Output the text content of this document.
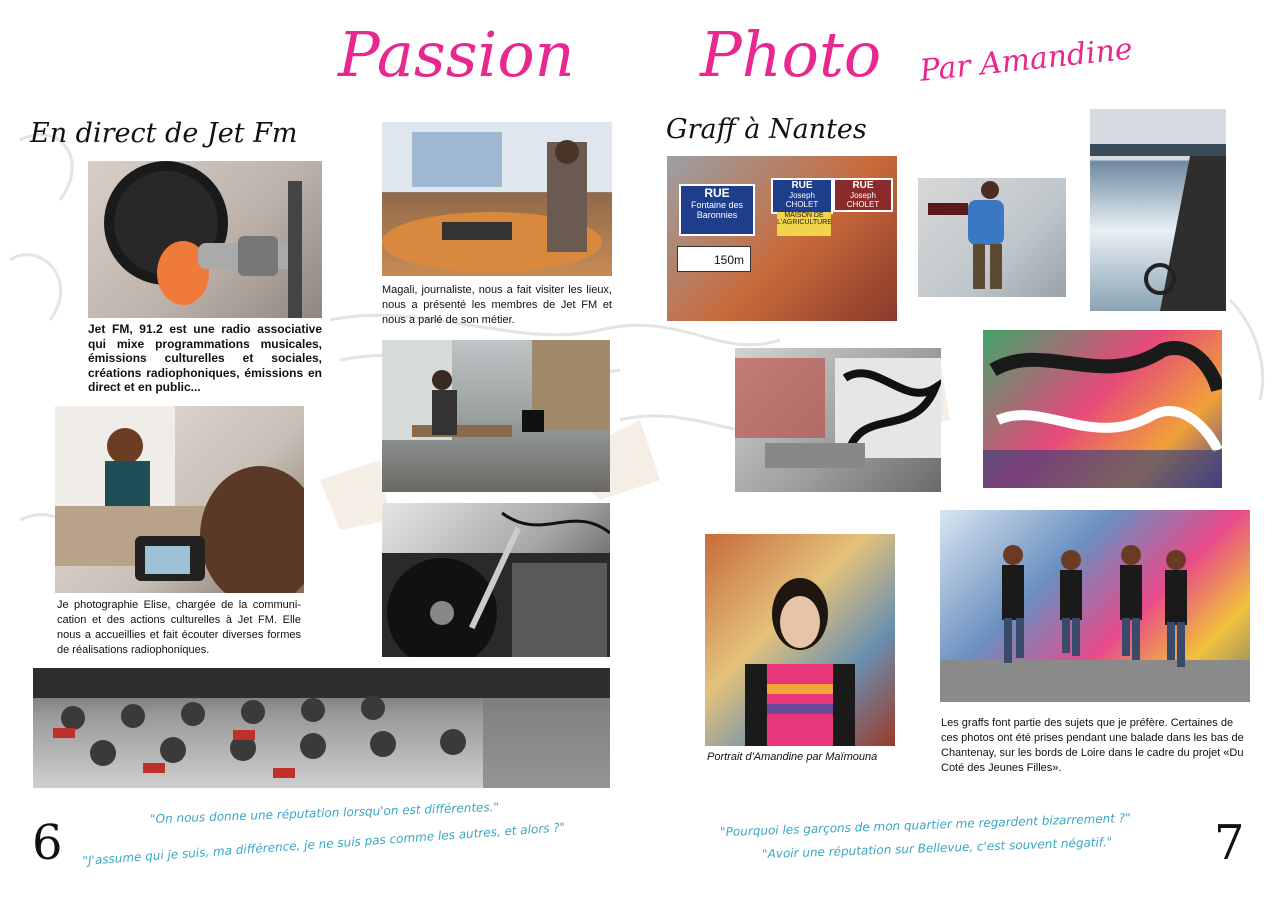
Passion Photo Par Amandine
En direct de Jet Fm
Jet FM, 91.2 est une radio associative qui mixe programmations musicales, émissions culturelles et sociales, créations radiophoniques, émissions en direct et en public...
Magali, journaliste, nous a fait visiter les lieux, nous a présenté les membres de Jet FM et nous a parlé de son métier.
Je photographie Elise, chargée de la communi-cation et des actions culturelles à Jet FM. Elle nous a accueillies et fait écouter diverses formes de réalisations radiophoniques.
"On nous donne une réputation lorsqu'on est différentes."
"J'assume qui je suis, ma différence, je ne suis pas comme les autres, et alors ?"
6
Graff à Nantes
RUE
Fontaine des Baronnies
RUE
Joseph CHOLET
RUE
Joseph CHOLET
MAISON DE L'AGRICULTURE
150m
Portrait d'Amandine par Maïmouna
Les graffs font partie des sujets que je préfère. Certaines de ces photos ont été prises pendant une balade dans les bas de Chantenay, sur les bords de Loire dans le cadre du projet «Du Coté des Jeunes Filles».
"Pourquoi les garçons de mon quartier me regardent bizarrement ?"
"Avoir une réputation sur Bellevue, c'est souvent négatif." 7
